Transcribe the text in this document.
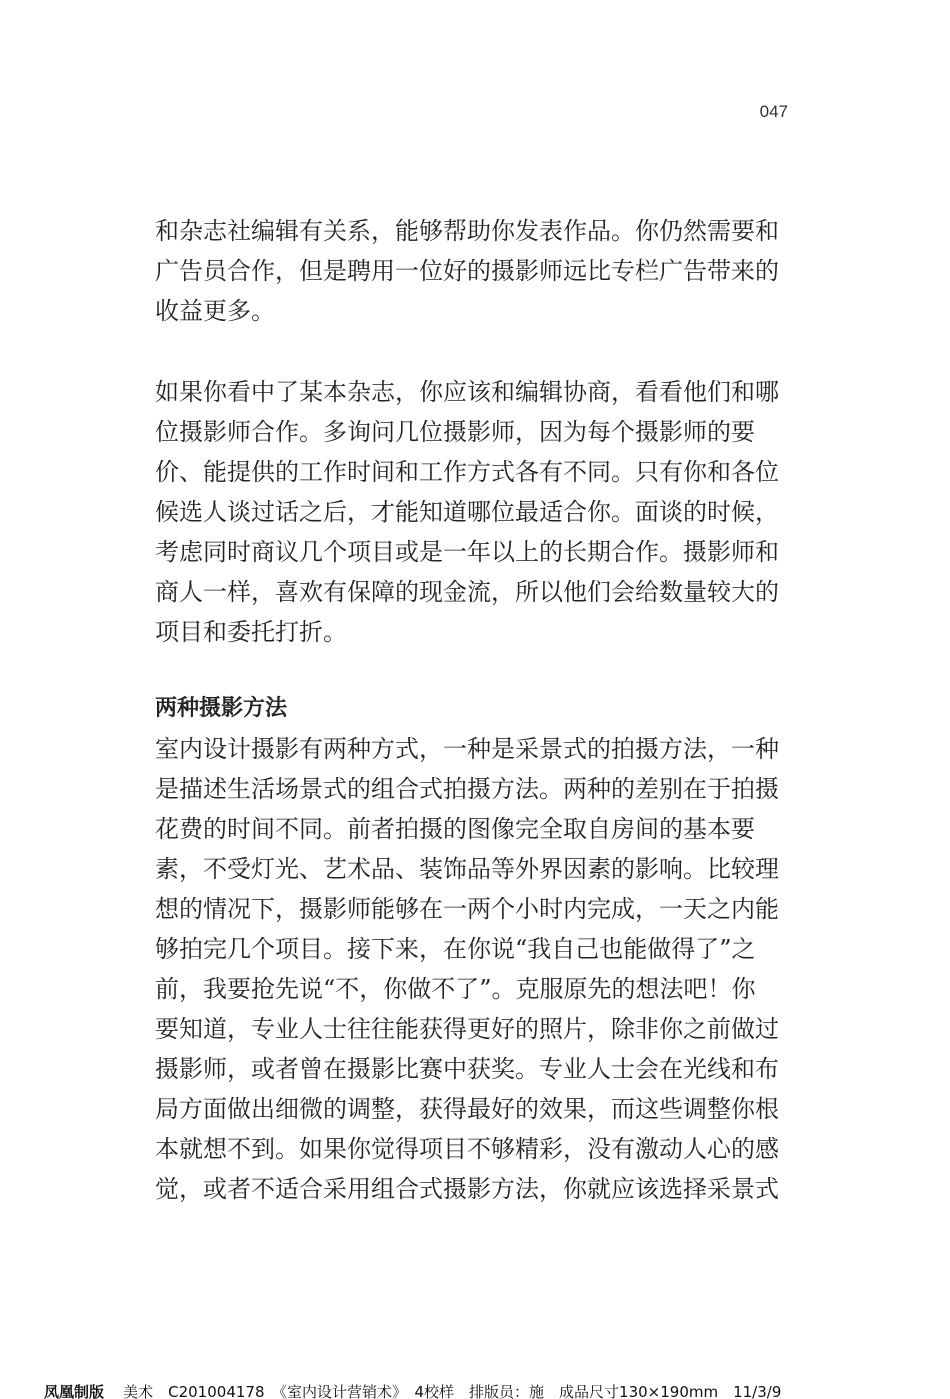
047

和杂志社编辑有关系，能够帮助你发表作品。你仍然需要和
广告员合作，但是聘用一位好的摄影师远比专栏广告带来的
收益更多。

如果你看中了某本杂志，你应该和编辑协商，看看他们和哪
位摄影师合作。多询问几位摄影师，因为每个摄影师的要
价、能提供的工作时间和工作方式各有不同。只有你和各位
候选人谈过话之后，才能知道哪位最适合你。面谈的时候，
考虑同时商议几个项目或是一年以上的长期合作。摄影师和
商人一样，喜欢有保障的现金流，所以他们会给数量较大的
项目和委托打折。

两种摄影方法

室内设计摄影有两种方式，一种是采景式的拍摄方法，一种
是描述生活场景式的组合式拍摄方法。两种的差别在于拍摄
花费的时间不同。前者拍摄的图像完全取自房间的基本要
素，不受灯光、艺术品、装饰品等外界因素的影响。比较理
想的情况下，摄影师能够在一两个小时内完成，一天之内能
够拍完几个项目。接下来，在你说“我自己也能做得了”之
前，我要抢先说“不，你做不了”。克服原先的想法吧！你
要知道，专业人士往往能获得更好的照片，除非你之前做过
摄影师，或者曾在摄影比赛中获奖。专业人士会在光线和布
局方面做出细微的调整，获得最好的效果，而这些调整你根
本就想不到。如果你觉得项目不够精彩，没有激动人心的感
觉，或者不适合采用组合式摄影方法，你就应该选择采景式

凤凰制版 美术　C201004178　《室内设计营销术》　4校样　排版员：施　成品尺寸130×190mm　11/3/9
